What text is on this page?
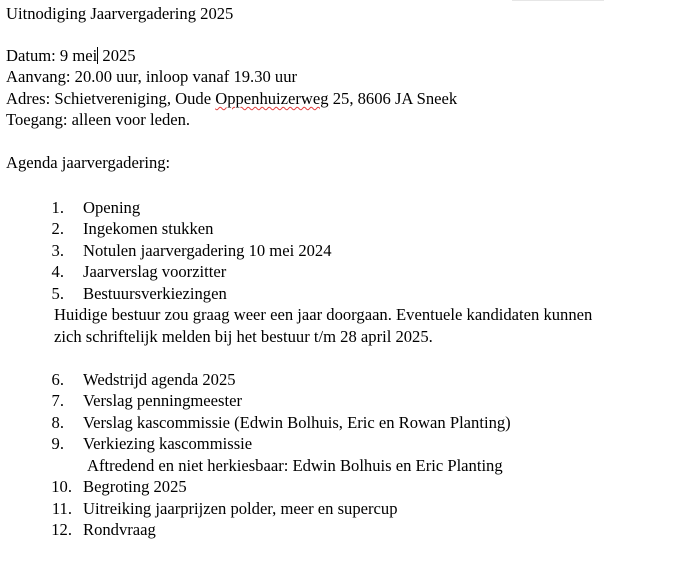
Uitnodiging Jaarvergadering 2025
Datum: 9 mei 2025
Aanvang: 20.00 uur, inloop vanaf 19.30 uur
Adres: Schietvereniging, Oude Oppenhuizerweg 25, 8606 JA Sneek
Toegang: alleen voor leden.
Agenda jaarvergadering:
1. Opening
2. Ingekomen stukken
3. Notulen jaarvergadering 10 mei 2024
4. Jaarverslag voorzitter
5. Bestuursverkiezingen
Huidige bestuur zou graag weer een jaar doorgaan. Eventuele kandidaten kunnen
zich schriftelijk melden bij het bestuur t/m 28 april 2025.
6. Wedstrijd agenda 2025
7. Verslag penningmeester
8. Verslag kascommissie (Edwin Bolhuis, Eric en Rowan Planting)
9. Verkiezing kascommissie
Aftredend en niet herkiesbaar: Edwin Bolhuis en Eric Planting
10. Begroting 2025
11. Uitreiking jaarprijzen polder, meer en supercup
12. Rondvraag
